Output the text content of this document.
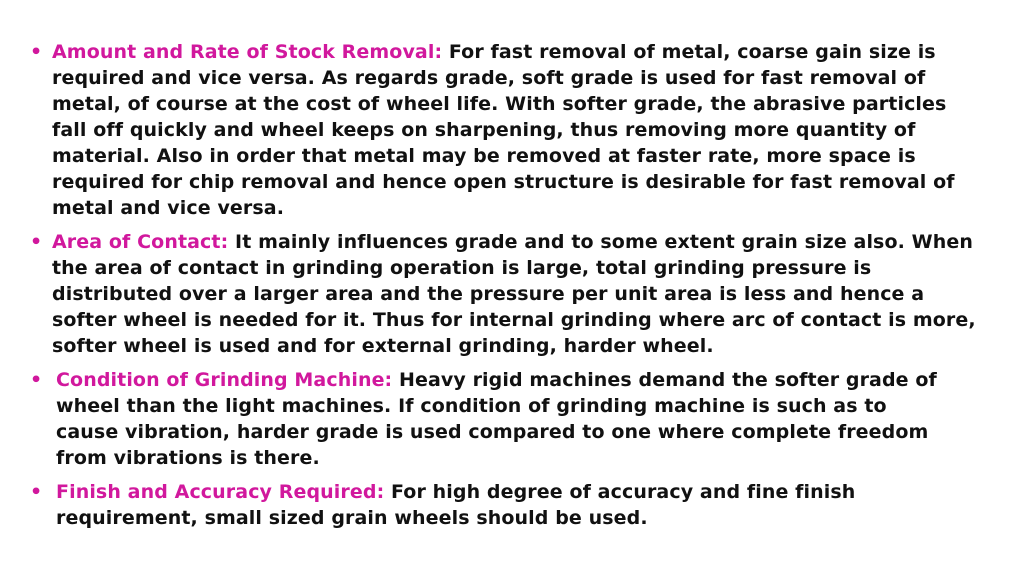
• Amount and Rate of Stock Removal: For fast removal of metal, coarse gain size is required and vice versa. As regards grade, soft grade is used for fast removal of metal, of course at the cost of wheel life. With softer grade, the abrasive particles fall off quickly and wheel keeps on sharpening, thus removing more quantity of material. Also in order that metal may be removed at faster rate, more space is required for chip removal and hence open structure is desirable for fast removal of metal and vice versa.
• Area of Contact: It mainly influences grade and to some extent grain size also. When the area of contact in grinding operation is large, total grinding pressure is distributed over a larger area and the pressure per unit area is less and hence a softer wheel is needed for it. Thus for internal grinding where arc of contact is more, softer wheel is used and for external grinding, harder wheel.
• Condition of Grinding Machine: Heavy rigid machines demand the softer grade of wheel than the light machines. If condition of grinding machine is such as to cause vibration, harder grade is used compared to one where complete freedom from vibrations is there.
• Finish and Accuracy Required: For high degree of accuracy and fine finish requirement, small sized grain wheels should be used.
